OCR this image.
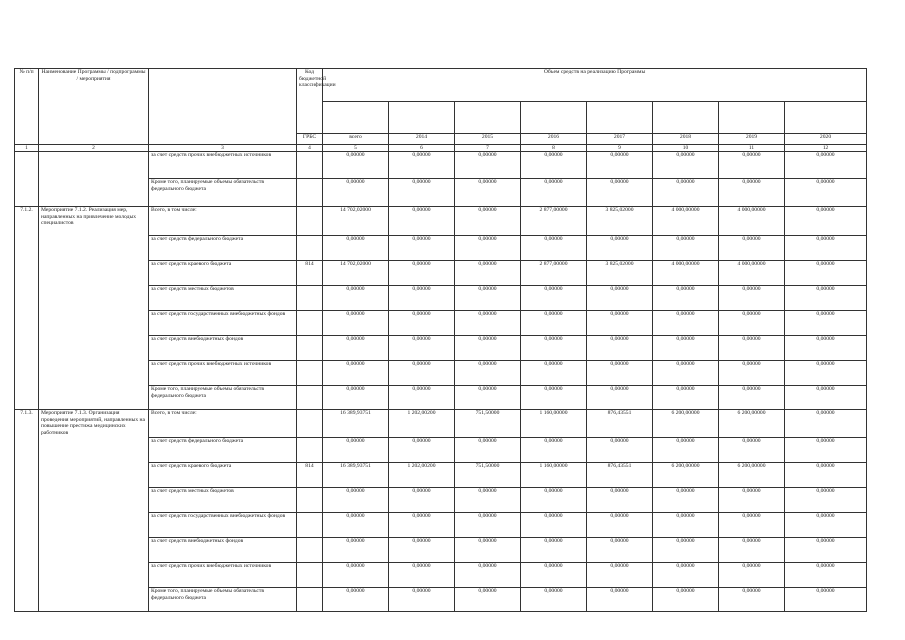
№ п/п	Наименование Программы / подпрограммы / мероприятия		Код бюджетной классификации	Объем средств на реализацию Программы							

			ГРБС	всего	2014	2015	2016	2017	2018	2019	2020
1	2	3	4	5	6	7	8	9	10	11	12
		за счет средств прочих внебюджетных источников		0,00000	0,00000	0,00000	0,00000	0,00000	0,00000	0,00000	0,00000
		Кроме того, планируемые объемы обязательств федерального бюджета		0,00000	0,00000	0,00000	0,00000	0,00000	0,00000	0,00000	0,00000
7.1.2.	Мероприятие 7.1.2. Реализация мер, направленных на привлечение молодых специалистов	Всего, в том числе:		14 702,02000	0,00000	0,00000	2 877,00000	3 825,02000	4 000,00000	4 000,00000	0,00000
		за счет средств федерального бюджета		0,00000	0,00000	0,00000	0,00000	0,00000	0,00000	0,00000	0,00000
		за счет средств краевого бюджета	814	14 702,02000	0,00000	0,00000	2 877,00000	3 825,02000	4 000,00000	4 000,00000	0,00000
		за счет средств местных бюджетов		0,00000	0,00000	0,00000	0,00000	0,00000	0,00000	0,00000	0,00000
		за счет средств государственных внебюджетных фондов		0,00000	0,00000	0,00000	0,00000	0,00000	0,00000	0,00000	0,00000
		за счет средств внебюджетных фондов		0,00000	0,00000	0,00000	0,00000	0,00000	0,00000	0,00000	0,00000
		за счет средств прочих внебюджетных источников		0,00000	0,00000	0,00000	0,00000	0,00000	0,00000	0,00000	0,00000
		Кроме того, планируемые объемы обязательств федерального бюджета		0,00000	0,00000	0,00000	0,00000	0,00000	0,00000	0,00000	0,00000
7.1.3.	Мероприятие 7.1.3. Организация проведения мероприятий, направленных на повышение престижа медицинских работников	Всего, в том числе:		16 389,93751	1 202,00200	751,50000	1 160,00000	876,43551	6 200,00000	6 200,00000	0,00000
		за счет средств федерального бюджета		0,00000	0,00000	0,00000	0,00000	0,00000	0,00000	0,00000	0,00000
		за счет средств краевого бюджета	814	16 389,93751	1 202,00200	751,50000	1 160,00000	876,43551	6 200,00000	6 200,00000	0,00000
		за счет средств местных бюджетов		0,00000	0,00000	0,00000	0,00000	0,00000	0,00000	0,00000	0,00000
		за счет средств государственных внебюджетных фондов		0,00000	0,00000	0,00000	0,00000	0,00000	0,00000	0,00000	0,00000
		за счет средств внебюджетных фондов		0,00000	0,00000	0,00000	0,00000	0,00000	0,00000	0,00000	0,00000
		за счет средств прочих внебюджетных источников		0,00000	0,00000	0,00000	0,00000	0,00000	0,00000	0,00000	0,00000
		Кроме того, планируемые объемы обязательств федерального бюджета		0,00000	0,00000	0,00000	0,00000	0,00000	0,00000	0,00000	0,00000
